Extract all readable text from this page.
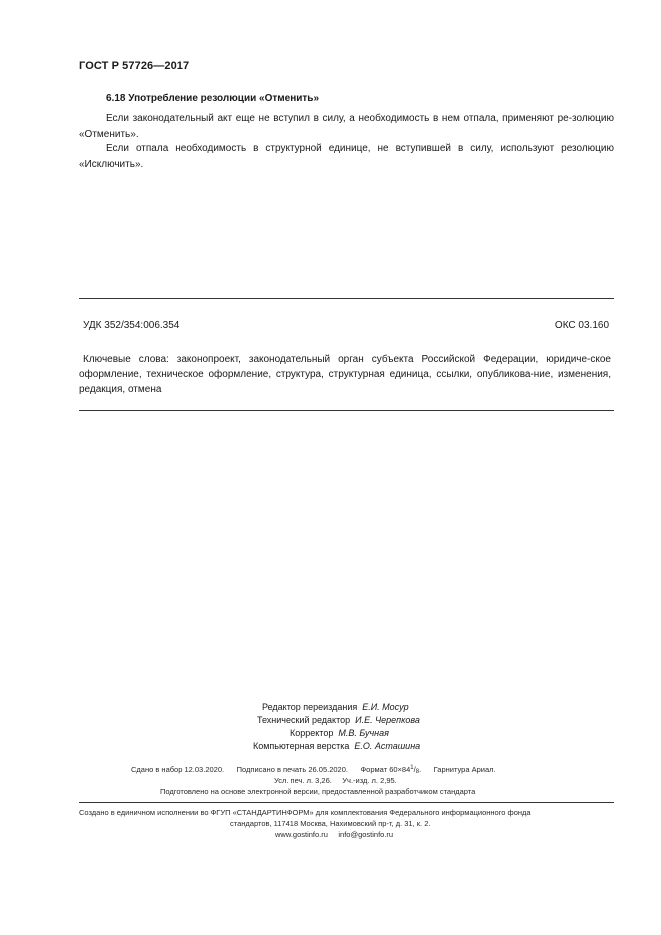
ГОСТ Р 57726—2017
6.18 Употребление резолюции «Отменить»
Если законодательный акт еще не вступил в силу, а необходимость в нем отпала, применяют ре-золюцию «Отменить».
Если отпала необходимость в структурной единице, не вступившей в силу, используют резолюцию «Исключить».
УДК 352/354:006.354	ОКС 03.160
Ключевые слова: законопроект, законодательный орган субъекта Российской Федерации, юридиче-ское оформление, техническое оформление, структура, структурная единица, ссылки, опубликова-ние, изменения, редакция, отмена
Редактор переиздания Е.И. Мосур
Технический редактор И.Е. Черепкова
Корректор М.В. Бучная
Компьютерная верстка Е.О. Асташина
Сдано в набор 12.03.2020. Подписано в печать 26.05.2020. Формат $60\times 84^1/_8$. Гарнитура Ариал.
Усл. печ. л. 3,26. Уч.-изд. л. 2,95.
Подготовлено на основе электронной версии, предоставленной разработчиком стандарта
Создано в единичном исполнении во ФГУП «СТАНДАРТИНФОРМ» для комплектования Федерального информационного фонда
стандартов, 117418 Москва, Нахимовский пр-т, д. 31, к. 2.
www.gostinfo.ru info@gostinfo.ru
